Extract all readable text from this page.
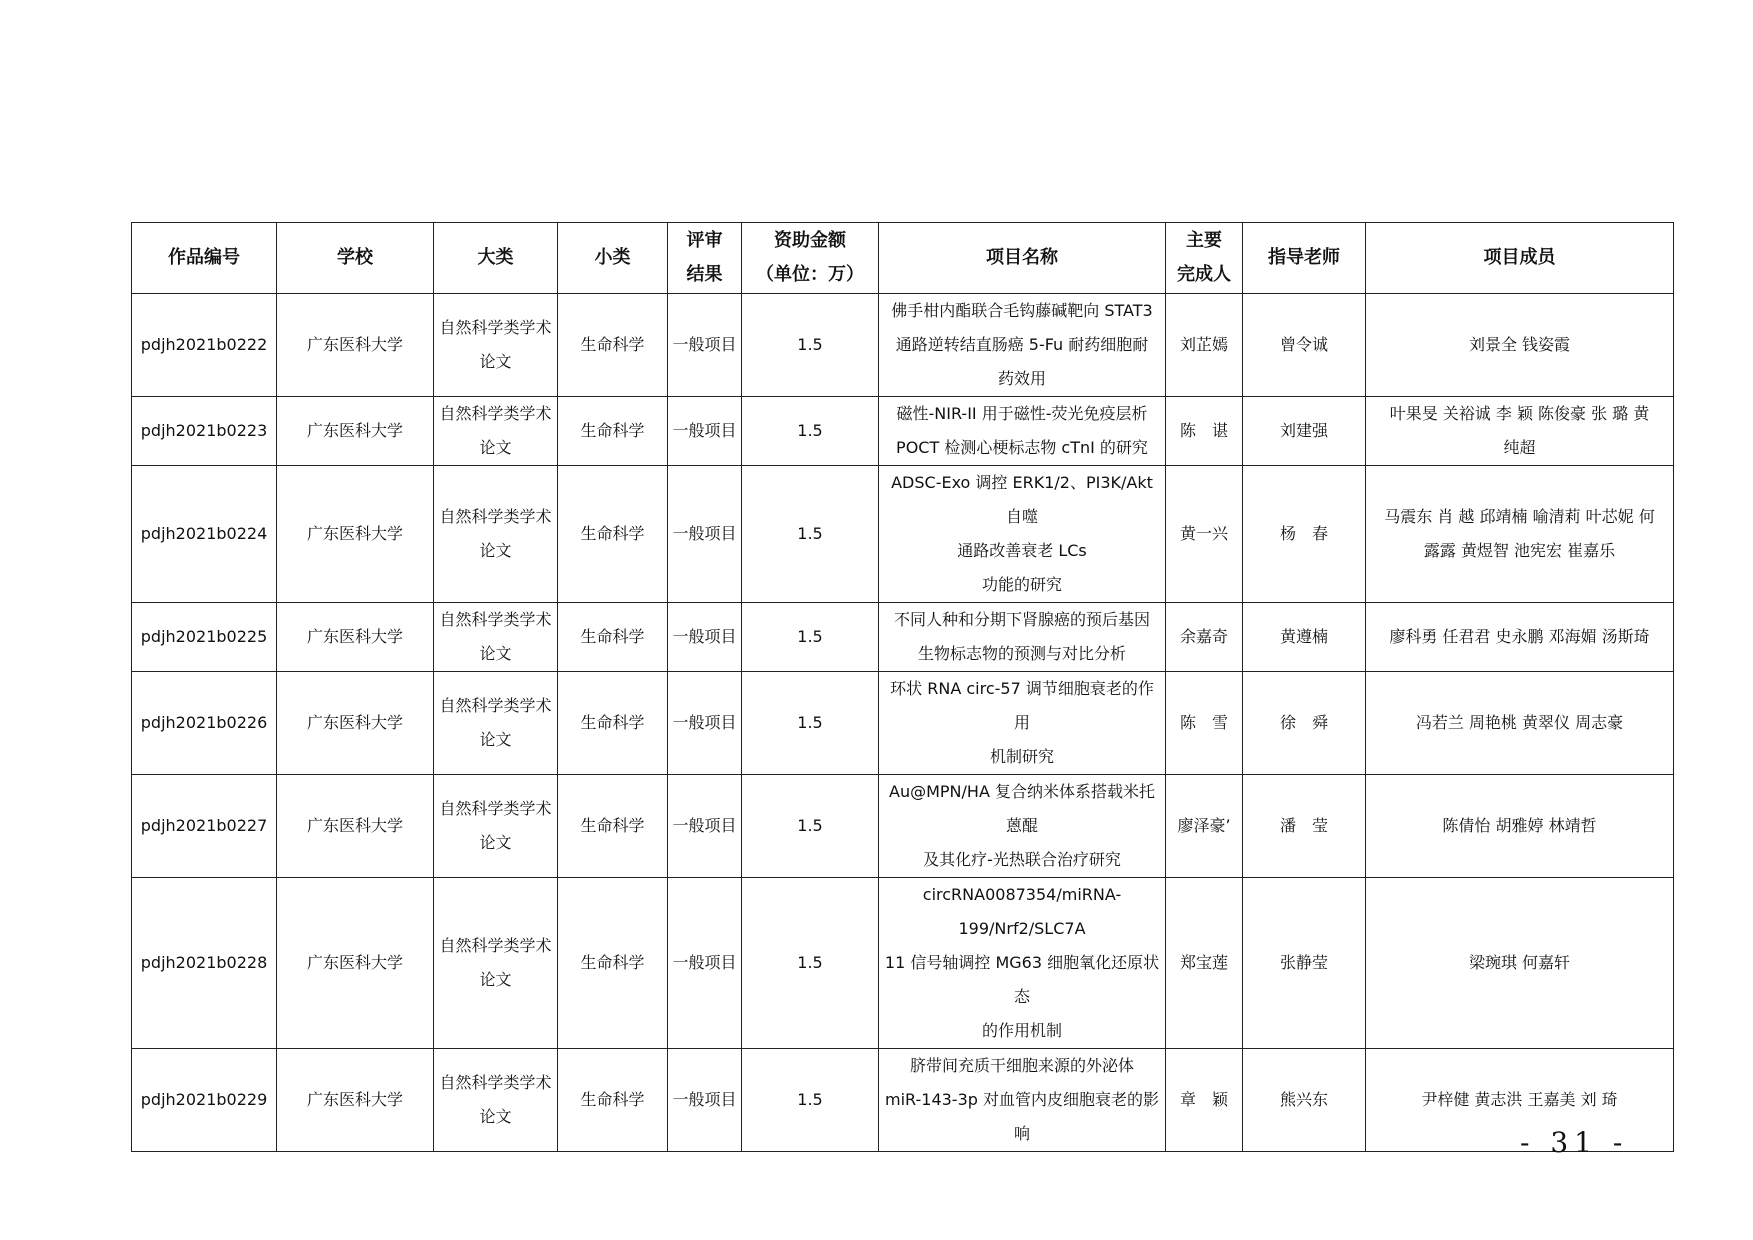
作品编号	学校	大类	小类	评审
结果	资助金额
（单位：万）	项目名称	主要
完成人	指导老师	项目成员
pdjh2021b0222	广东医科大学	自然科学类学术
论文	生命科学	一般项目	1.5	佛手柑内酯联合毛钩藤碱靶向 STAT3
通路逆转结直肠癌 5-Fu 耐药细胞耐
药效用	刘芷嫣	曾令诚	刘景全 钱姿霞

pdjh2021b0223	广东医科大学	自然科学类学术
论文	生命科学	一般项目	1.5	磁性-NIR-II 用于磁性-荧光免疫层析
POCT 检测心梗标志物 cTnI 的研究	陈　谌	刘建强	叶果旻 关裕诚 李 颖 陈俊豪 张 璐 黄
纯超

pdjh2021b0224	广东医科大学	自然科学类学术
论文	生命科学	一般项目	1.5	ADSC-Exo 调控 ERK1/2、PI3K/Akt 自噬
通路改善衰老 LCs
功能的研究	黄一兴	杨　春	马震东 肖 越 邱靖楠 喻清莉 叶芯妮 何
露露 黄煜智 池宪宏 崔嘉乐

pdjh2021b0225	广东医科大学	自然科学类学术
论文	生命科学	一般项目	1.5	不同人种和分期下肾腺癌的预后基因
生物标志物的预测与对比分析	余嘉奇	黄遵楠	廖科勇 任君君 史永鹏 邓海媚 汤斯琦

pdjh2021b0226	广东医科大学	自然科学类学术
论文	生命科学	一般项目	1.5	环状 RNA circ-57 调节细胞衰老的作用
机制研究	陈　雪	徐　舜	冯若兰 周艳桃 黄翠仪 周志豪

pdjh2021b0227	广东医科大学	自然科学类学术
论文	生命科学	一般项目	1.5	Au@MPN/HA 复合纳米体系搭载米托蒽醌
及其化疗-光热联合治疗研究	廖泽豪’	潘　莹	陈倩怡 胡雅婷 林靖哲

pdjh2021b0228	广东医科大学	自然科学类学术
论文	生命科学	一般项目	1.5	circRNA0087354/miRNA-199/Nrf2/SLC7A
11 信号轴调控 MG63 细胞氧化还原状态
的作用机制	郑宝莲	张静莹	梁琬琪 何嘉轩

pdjh2021b0229	广东医科大学	自然科学类学术
论文	生命科学	一般项目	1.5	脐带间充质干细胞来源的外泌体
miR-143-3p 对血管内皮细胞衰老的影
响	章　颖	熊兴东	尹梓健 黄志洪 王嘉美 刘 琦
- 31 -
